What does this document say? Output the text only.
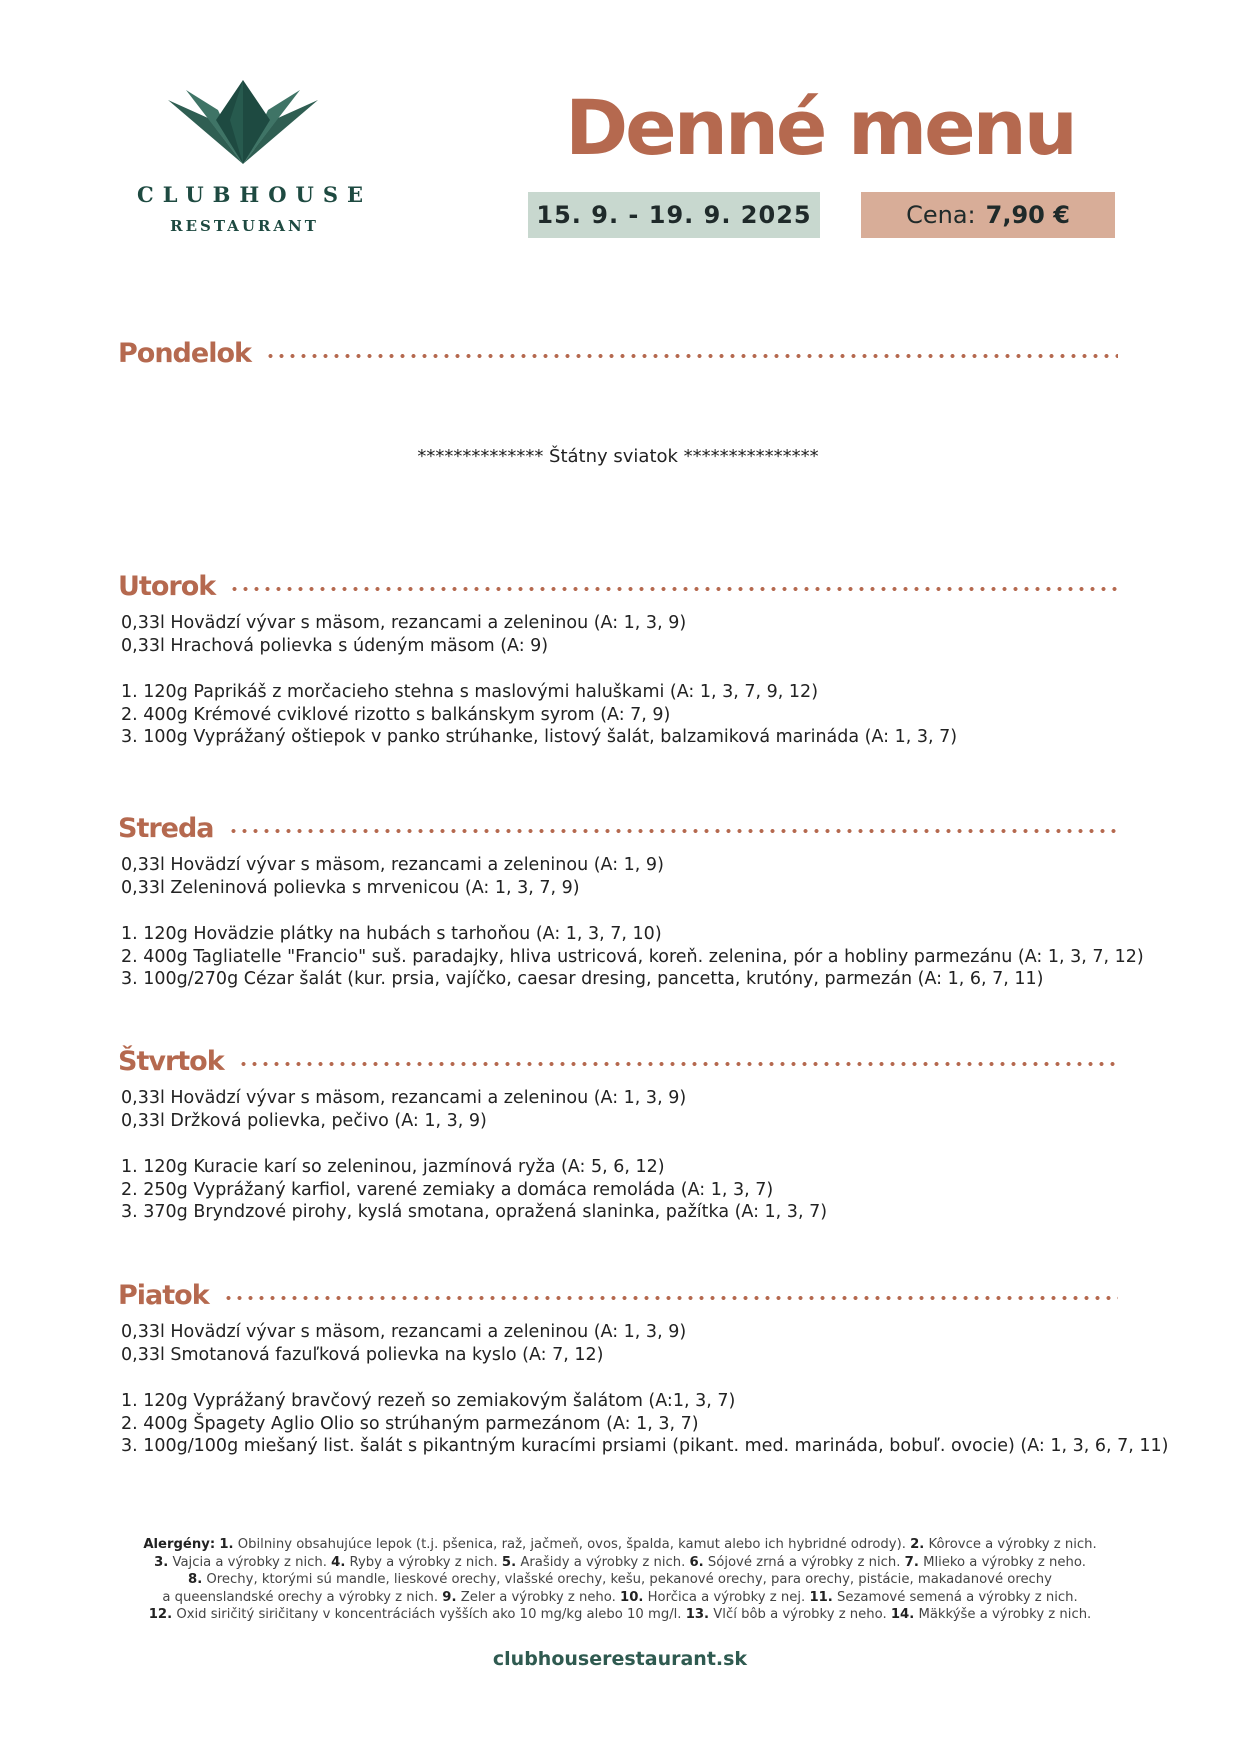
CLUBHOUSE
RESTAURANT
Denné menu
15. 9. - 19. 9. 2025	Cena: 7,90 €
Pondelok
************** Štátny sviatok ***************
Utorok
0,33l Hovädzí vývar s mäsom, rezancami a zeleninou (A: 1, 3, 9)
0,33l Hrachová polievka s údeným mäsom (A: 9)
1. 120g Paprikáš z morčacieho stehna s maslovými haluškami (A: 1, 3, 7, 9, 12)
2. 400g Krémové cviklové rizotto s balkánskym syrom (A: 7, 9)
3. 100g Vyprážaný oštiepok v panko strúhanke, listový šalát, balzamiková marináda (A: 1, 3, 7)
Streda
0,33l Hovädzí vývar s mäsom, rezancami a zeleninou (A: 1, 9)
0,33l Zeleninová polievka s mrvenicou (A: 1, 3, 7, 9)
1. 120g Hovädzie plátky na hubách s tarhoňou (A: 1, 3, 7, 10)
2. 400g Tagliatelle "Francio" suš. paradajky, hliva ustricová, koreň. zelenina, pór a hobliny parmezánu (A: 1, 3, 7, 12)
3. 100g/270g Cézar šalát (kur. prsia, vajíčko, caesar dresing, pancetta, krutóny, parmezán (A: 1, 6, 7, 11)
Štvrtok
0,33l Hovädzí vývar s mäsom, rezancami a zeleninou (A: 1, 3, 9)
0,33l Držková polievka, pečivo (A: 1, 3, 9)
1. 120g Kuracie karí so zeleninou, jazmínová ryža (A: 5, 6, 12)
2. 250g Vyprážaný karfiol, varené zemiaky a domáca remoláda (A: 1, 3, 7)
3. 370g Bryndzové pirohy, kyslá smotana, opražená slaninka, pažítka (A: 1, 3, 7)
Piatok
0,33l Hovädzí vývar s mäsom, rezancami a zeleninou (A: 1, 3, 9)
0,33l Smotanová fazuľková polievka na kyslo (A: 7, 12)
1. 120g Vyprážaný bravčový rezeň so zemiakovým šalátom (A:1, 3, 7)
2. 400g Špagety Aglio Olio so strúhaným parmezánom (A: 1, 3, 7)
3. 100g/100g miešaný list. šalát s pikantným kuracími prsiami (pikant. med. marináda, bobuľ. ovocie) (A: 1, 3, 6, 7, 11)
Alergény: 1. Obilniny obsahujúce lepok (t.j. pšenica, raž, jačmeň, ovos, špalda, kamut alebo ich hybridné odrody). 2. Kôrovce a výrobky z nich.
3. Vajcia a výrobky z nich. 4. Ryby a výrobky z nich. 5. Arašidy a výrobky z nich. 6. Sójové zrná a výrobky z nich. 7. Mlieko a výrobky z neho.
8. Orechy, ktorými sú mandle, lieskové orechy, vlašské orechy, kešu, pekanové orechy, para orechy, pistácie, makadanové orechy
a queenslandské orechy a výrobky z nich. 9. Zeler a výrobky z neho. 10. Horčica a výrobky z nej. 11. Sezamové semená a výrobky z nich.
12. Oxid siričitý siričitany v koncentráciách vyšších ako 10 mg/kg alebo 10 mg/l. 13. Vlčí bôb a výrobky z neho. 14. Mäkkýše a výrobky z nich.
clubhouserestaurant.sk
